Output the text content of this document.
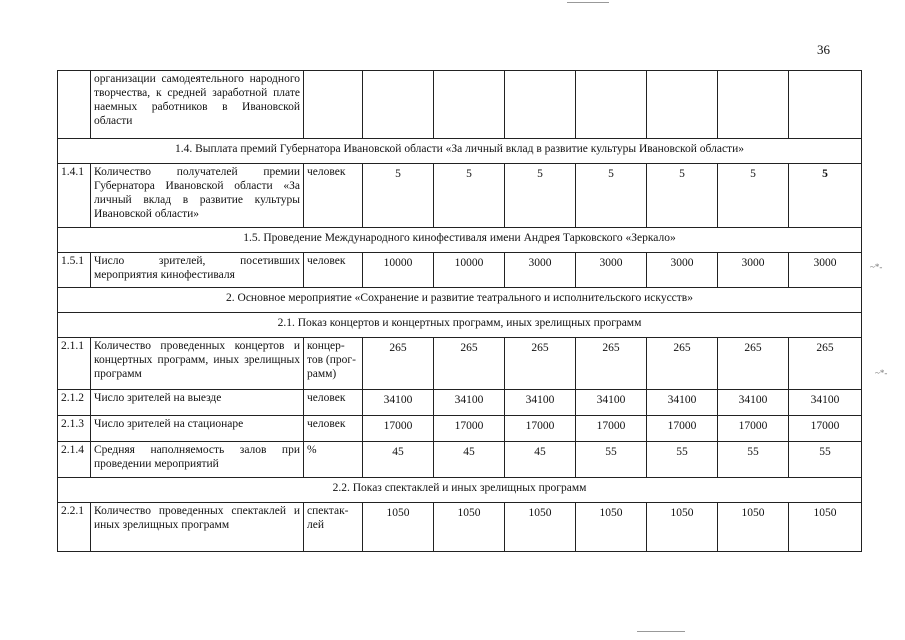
36
~*-
~*-
	организации самодеятельного народного творчества, к средней заработной плате наемных работников в Ивановской области								
1.4. Выплата премий Губернатора Ивановской области «За личный вклад в развитие культуры Ивановской области»									
1.4.1	Количество получателей премии Губернатора Ивановской области «За личный вклад в развитие культуры Ивановской области»	человек	5	5	5	5	5	5	5
1.5. Проведение Международного кинофестиваля имени Андрея Тарковского «Зеркало»									
1.5.1	Число зрителей, посетивших мероприятия кинофестиваля	человек	10000	10000	3000	3000	3000	3000	3000
2. Основное мероприятие «Сохранение и развитие театрального и исполнительского искусств»									
2.1. Показ концертов и концертных программ, иных зрелищных программ									
2.1.1	Количество проведенных концертов и концертных программ, иных зрелищных программ	концер-тов (прог-рамм)	265	265	265	265	265	265	265
2.1.2	Число зрителей на выезде	человек	34100	34100	34100	34100	34100	34100	34100
2.1.3	Число зрителей на стационаре	человек	17000	17000	17000	17000	17000	17000	17000
2.1.4	Средняя наполняемость залов при проведении мероприятий	%	45	45	45	55	55	55	55
2.2. Показ спектаклей и иных зрелищных программ									
2.2.1	Количество проведенных спектаклей и иных зрелищных программ	спектак-лей	1050	1050	1050	1050	1050	1050	1050
